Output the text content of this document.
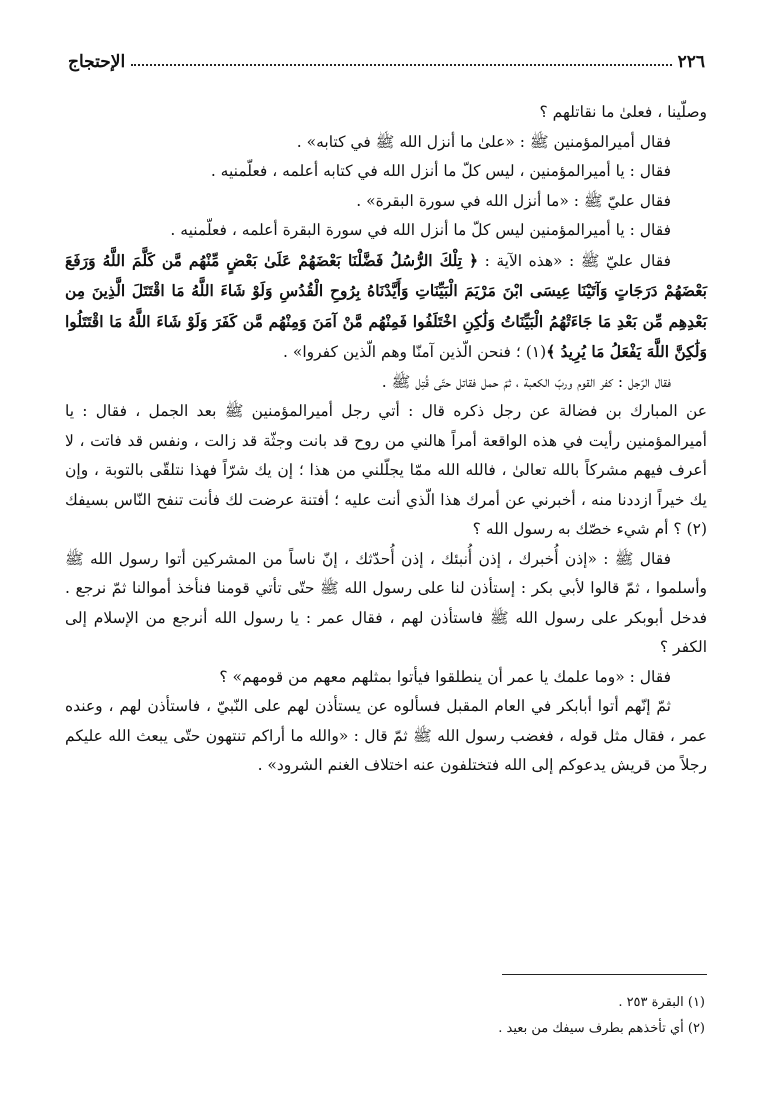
٢٢٦
الإحتجاج

وصلّينا ، فعلىٰ ما نقاتلهم ؟

فقال أميرالمؤمنين ﷺ : «علىٰ ما أنزل الله ﷺ في كتابه» .

فقال : يا أميرالمؤمنين ، ليس كلّ ما أنزل الله في كتابه أعلمه ، فعلّمنيه .

فقال عليّ ﷺ : «ما أنزل الله في سورة البقرة» .

فقال : يا أميرالمؤمنين ليس كلّ ما أنزل الله في سورة البقرة أعلمه ، فعلّمنيه .

فقال عليّ ﷺ : «هذه الآية : ﴿ تِلْكَ الرُّسُلُ فَضَّلْنَا بَعْضَهُمْ عَلَىٰ بَعْضٍ مِّنْهُم مَّن كَلَّمَ اللَّهُ وَرَفَعَ بَعْضَهُمْ دَرَجَاتٍ وَآتَيْنَا عِيسَى ابْنَ مَرْيَمَ الْبَيِّنَاتِ وَأَيَّدْنَاهُ بِرُوحِ الْقُدُسِ وَلَوْ شَاءَ اللَّهُ مَا اقْتَتَلَ الَّذِينَ مِن بَعْدِهِم مِّن بَعْدِ مَا جَاءَتْهُمُ الْبَيِّنَاتُ وَلَٰكِنِ اخْتَلَفُوا فَمِنْهُم مَّنْ آمَنَ وَمِنْهُم مَّن كَفَرَ وَلَوْ شَاءَ اللَّهُ مَا اقْتَتَلُوا وَلَٰكِنَّ اللَّهَ يَفْعَلُ مَا يُرِيدُ ﴾(١) ؛ فنحن الّذين آمنّا وهم الّذين كفروا» .

فقال الرّجل : كفر القوم وربّ الكعبة ، ثمّ حمل فقاتل حتّى قُتِل ﷺ .

عن المبارك بن فضالة عن رجل ذكره قال : أتي رجل أميرالمؤمنين ﷺ بعد الجمل ، فقال : يا أميرالمؤمنين رأيت في هذه الواقعة أمراً هالني من روح قد بانت وجثّة قد زالت ، ونفس قد فاتت ، لا أعرف فيهم مشركاً بالله تعالىٰ ، فالله الله ممّا يجلّلني من هذا ؛ إن يك شرّاً فهذا نتلقّى بالتوبة ، وإن يك خيراً ازددنا منه ، أخبرني عن أمرك هذا الّذي أنت عليه ؛ أفتنة عرضت لك فأنت تنفح النّاس بسيفك (٢) ؟ أم شيء خصّك به رسول الله ؟

فقال ﷺ : «إذن أُخبرك ، إذن أُنبئك ، إذن أُحدّثك ، إنّ ناساً من المشركين أتوا رسول الله ﷺ وأسلموا ، ثمّ قالوا لأبي بكر : إستأذن لنا على رسول الله ﷺ حتّى تأتي قومنا فنأخذ أموالنا ثمّ نرجع . فدخل أبوبكر على رسول الله ﷺ فاستأذن لهم ، فقال عمر : يا رسول الله أنرجع من الإسلام إلى الكفر ؟

فقال : «وما علمك يا عمر أن ينطلقوا فيأتوا بمثلهم معهم من قومهم» ؟

ثمّ إنّهم أتوا أبابكر في العام المقبل فسألوه عن يستأذن لهم على النّبيّ ، فاستأذن لهم ، وعنده عمر ، فقال مثل قوله ، فغضب رسول الله ﷺ ثمّ قال : «والله ما أراكم تنتهون حتّى يبعث الله عليكم رجلاً من قريش يدعوكم إلى الله فتختلفون عنه اختلاف الغنم الشرود» .

(١) البقرة ٢٥٣ .

(٢) أي تأخذهم بطرف سيفك من بعيد .
